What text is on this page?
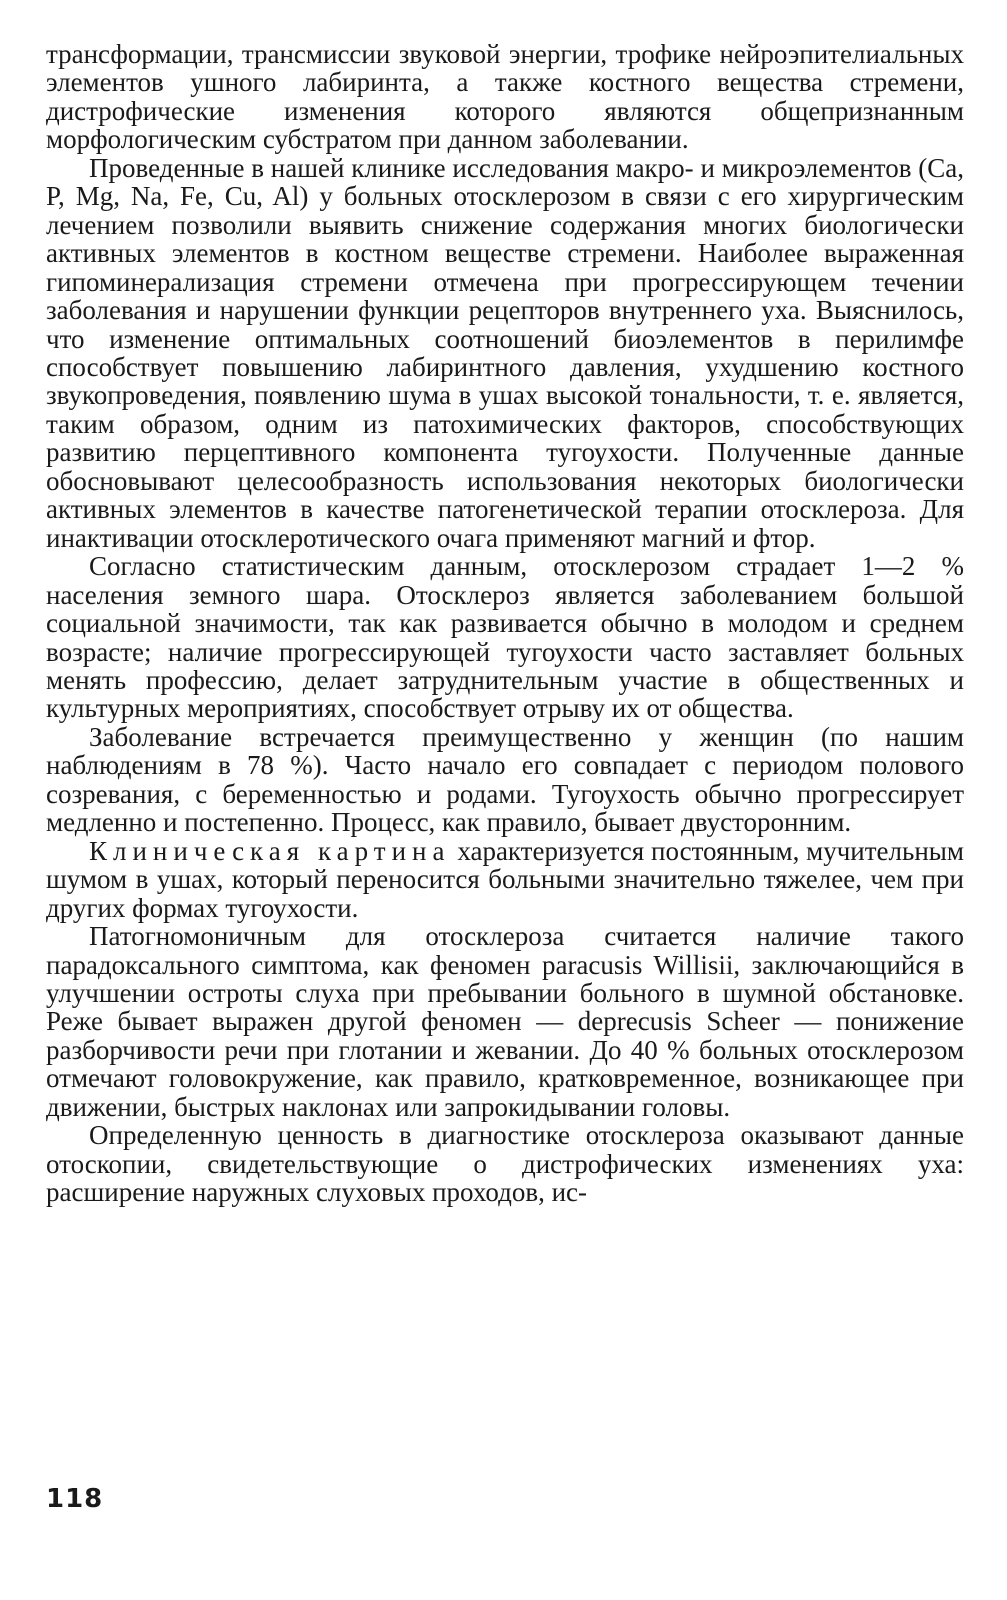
трансформации, трансмиссии звуковой энергии, трофике нейроэпителиальных элементов ушного лабиринта, а также костного вещества стремени, дистрофические изменения которого являются общепризнанным морфологическим субстратом при данном заболевании.

Проведенные в нашей клинике исследования макро- и микроэлементов (Ca, P, Mg, Na, Fe, Cu, Al) у больных отосклерозом в связи с его хирургическим лечением позволили выявить снижение содержания многих биологически активных элементов в костном веществе стремени. Наиболее выраженная гипоминерализация стремени отмечена при прогрессирующем течении заболевания и нарушении функции рецепторов внутреннего уха. Выяснилось, что изменение оптимальных соотношений биоэлементов в перилимфе способствует повышению лабиринтного давления, ухудшению костного звукопроведения, появлению шума в ушах высокой тональности, т. е. является, таким образом, одним из патохимических факторов, способствующих развитию перцептивного компонента тугоухости. Полученные данные обосновывают целесообразность использования некоторых биологически активных элементов в качестве патогенетической терапии отосклероза. Для инактивации отосклеротического очага применяют магний и фтор.

Согласно статистическим данным, отосклерозом страдает 1—2 % населения земного шара. Отосклероз является заболеванием большой социальной значимости, так как развивается обычно в молодом и среднем возрасте; наличие прогрессирующей тугоухости часто заставляет больных менять профессию, делает затруднительным участие в общественных и культурных мероприятиях, способствует отрыву их от общества.

Заболевание встречается преимущественно у женщин (по нашим наблюдениям в 78 %). Часто начало его совпадает с периодом полового созревания, с беременностью и родами. Тугоухость обычно прогрессирует медленно и постепенно. Процесс, как правило, бывает двусторонним.

Клиническая картина характеризуется постоянным, мучительным шумом в ушах, который переносится больными значительно тяжелее, чем при других формах тугоухости.

Патогномоничным для отосклероза считается наличие такого парадоксального симптома, как феномен paracusis Willisii, заключающийся в улучшении остроты слуха при пребывании больного в шумной обстановке. Реже бывает выражен другой феномен — deprecusis Scheer — понижение разборчивости речи при глотании и жевании. До 40 % больных отосклерозом отмечают головокружение, как правило, кратковременное, возникающее при движении, быстрых наклонах или запрокидывании головы.

Определенную ценность в диагностике отосклероза оказывают данные отоскопии, свидетельствующие о дистрофических изменениях уха: расширение наружных слуховых проходов, ис-

118
